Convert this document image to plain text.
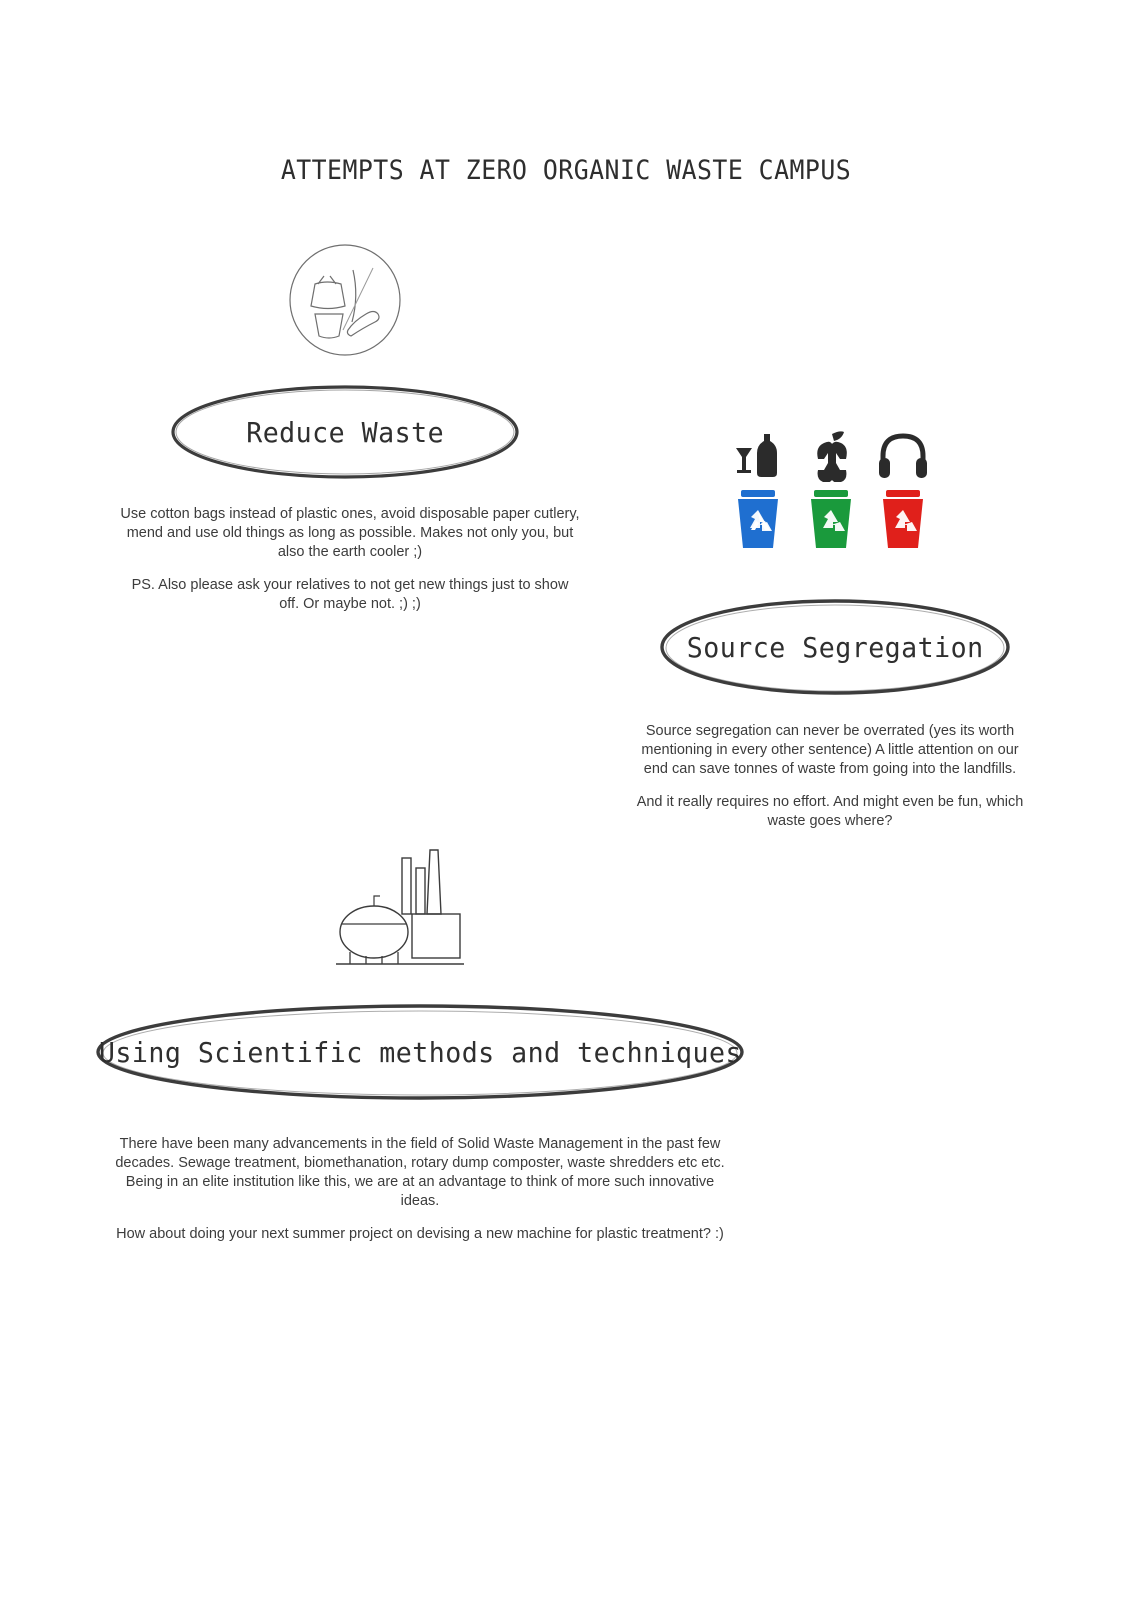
ATTEMPTS AT ZERO ORGANIC WASTE CAMPUS
Reduce Waste

Use cotton bags instead of plastic ones, avoid disposable paper cutlery, mend and use old things as long as possible. Makes not only you, but also the earth cooler ;)

PS. Also please ask your relatives to not get new things just to show off. Or maybe not. ;) ;)

Source Segregation

Source segregation can never be overrated (yes its worth mentioning in every other sentence) A little attention on our end can save tonnes of waste from going into the landfills.

And it really requires no effort. And might even be fun, which waste goes where?

Using Scientific methods and techniques

There have been many advancements in the field of Solid Waste Management in the past few decades. Sewage treatment, biomethanation, rotary dump composter, waste shredders etc etc. Being in an elite institution like this, we are at an advantage to think of more such innovative ideas.

How about doing your next summer project on devising a new machine for plastic treatment? :)
